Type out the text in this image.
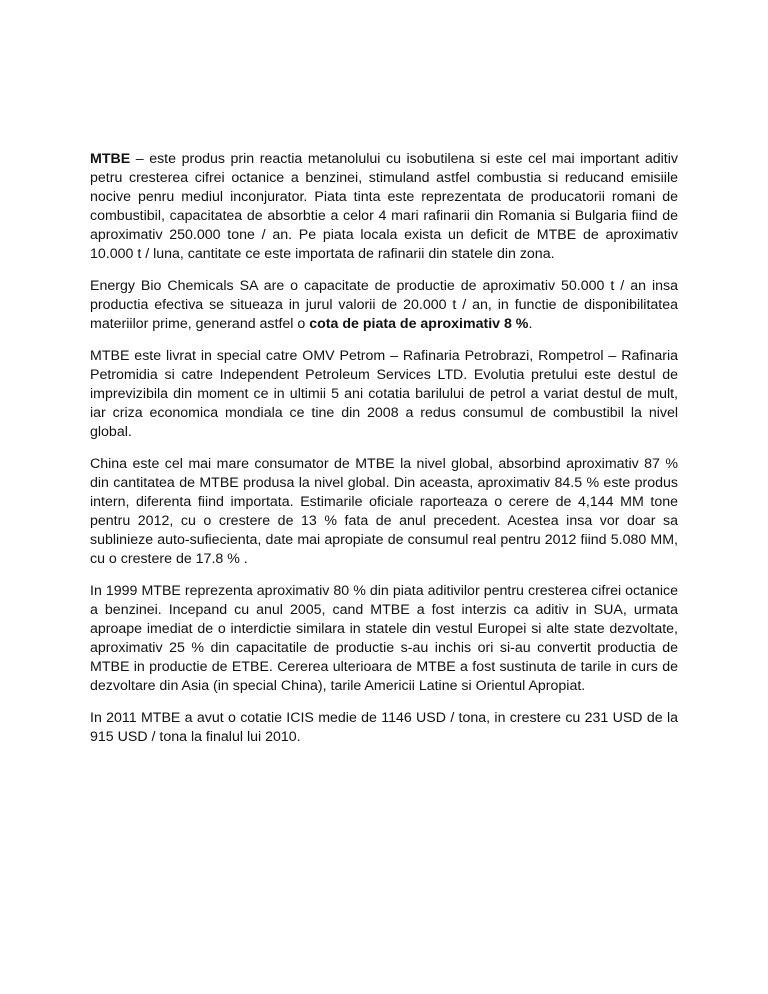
MTBE – este produs prin reactia metanolului cu isobutilena si este cel mai important aditiv petru cresterea cifrei octanice a benzinei, stimuland astfel combustia si reducand emisiile nocive penru mediul inconjurator. Piata tinta este reprezentata de producatorii romani de combustibil, capacitatea de absorbtie a celor 4 mari rafinarii din Romania si Bulgaria fiind de aproximativ 250.000 tone / an. Pe piata locala exista un deficit de MTBE de aproximativ 10.000 t / luna, cantitate ce este importata de rafinarii din statele din zona.

Energy Bio Chemicals SA are o capacitate de productie de aproximativ 50.000 t / an insa productia efectiva se situeaza in jurul valorii de 20.000 t / an, in functie de disponibilitatea materiilor prime, generand astfel o cota de piata de aproximativ 8 %.

MTBE este livrat in special catre OMV Petrom – Rafinaria Petrobrazi, Rompetrol – Rafinaria Petromidia si catre Independent Petroleum Services LTD. Evolutia pretului este destul de imprevizibila din moment ce in ultimii 5 ani cotatia barilului de petrol a variat destul de mult, iar criza economica mondiala ce tine din 2008 a redus consumul de combustibil la nivel global.

China este cel mai mare consumator de MTBE la nivel global, absorbind aproximativ 87 % din cantitatea de MTBE produsa la nivel global. Din aceasta, aproximativ 84.5 % este produs intern, diferenta fiind importata. Estimarile oficiale raporteaza o cerere de 4,144 MM tone pentru 2012, cu o crestere de 13 % fata de anul precedent. Acestea insa vor doar sa sublinieze auto-sufiecienta, date mai apropiate de consumul real pentru 2012 fiind 5.080 MM, cu o crestere de 17.8 % .

In 1999 MTBE reprezenta aproximativ 80 % din piata aditivilor pentru cresterea cifrei octanice a benzinei. Incepand cu anul 2005, cand MTBE a fost interzis ca aditiv in SUA, urmata aproape imediat de o interdictie similara in statele din vestul Europei si alte state dezvoltate, aproximativ 25 % din capacitatile de productie s-au inchis ori si-au convertit productia de MTBE in productie de ETBE. Cererea ulterioara de MTBE a fost sustinuta de tarile in curs de dezvoltare din Asia (in special China), tarile Americii Latine si Orientul Apropiat.

In 2011 MTBE a avut o cotatie ICIS medie de 1146 USD / tona, in crestere cu 231 USD de la 915 USD / tona la finalul lui 2010.
